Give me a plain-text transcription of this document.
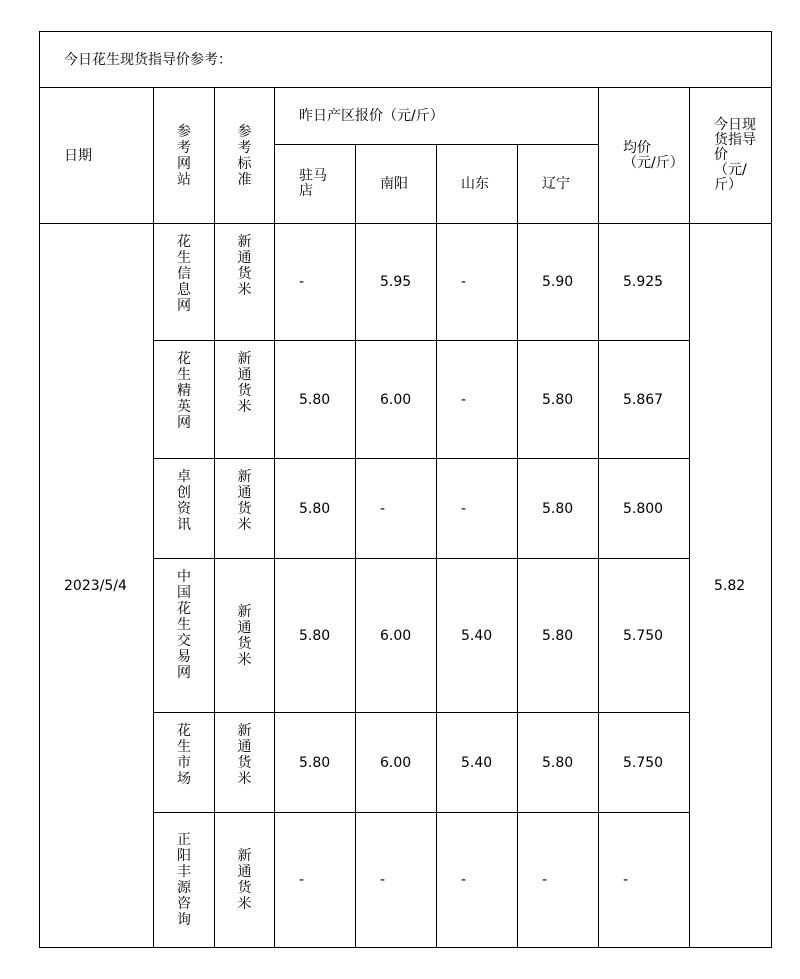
今日花生现货指导价参考：								
日期	参考网站	参考标准	昨日产区报价（元/斤）				均价（元/斤）	今日现货指导价（元/斤）
			驻马店	南阳	山东	辽宁		
2023/5/4	花生信息网	新通货米	-	5.95	-	5.90	5.925	5.82
	花生精英网	新通货米	5.80	6.00	-	5.80	5.867	
	卓创资讯	新通货米	5.80	-	-	5.80	5.800	
	中国花生交易网	新通货米	5.80	6.00	5.40	5.80	5.750	
	花生市场	新通货米	5.80	6.00	5.40	5.80	5.750	
	正阳丰源咨询	新通货米	-	-	-	-	-	
